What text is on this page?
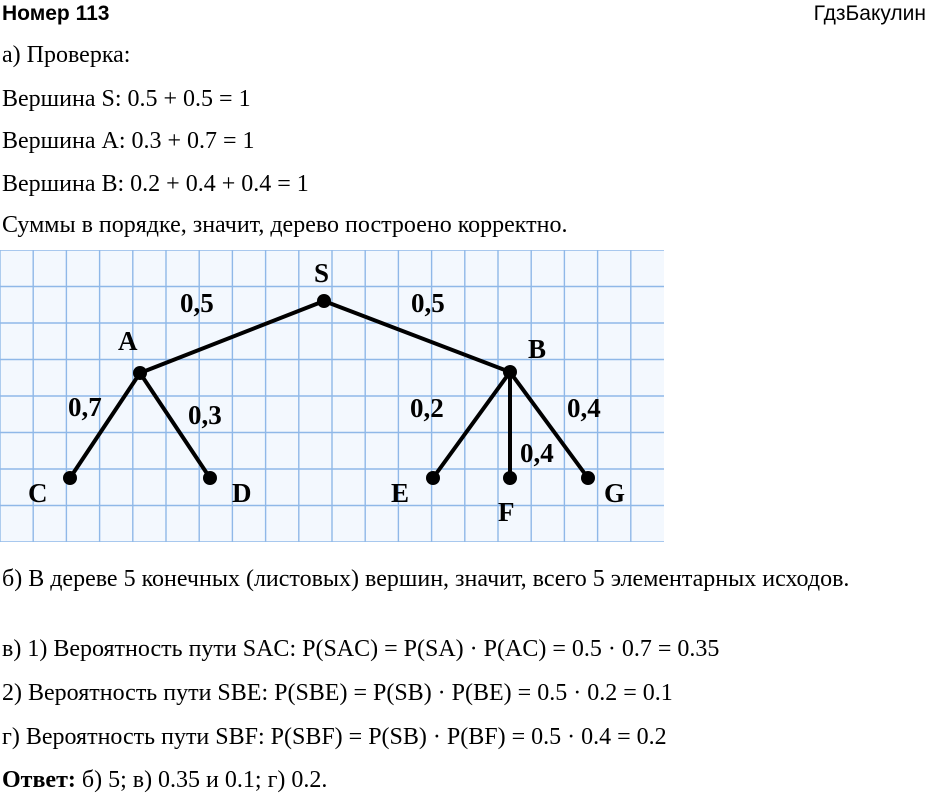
Номер 113	ГдзБакулин
а) Проверка:
Вершина S: 0.5 + 0.5 = 1
Вершина A: 0.3 + 0.7 = 1
Вершина B: 0.2 + 0.4 + 0.4 = 1
Суммы в порядке, значит, дерево построено корректно.
S
A	B
C	D	E
F
G
0,5	0,5
0,7	0,3	0,2
0,4
0,4
б) В дереве 5 конечных (листовых) вершин, значит, всего 5 элементарных исходов.
в) 1) Вероятность пути SAC: P(SAC) = P(SA) · P(AC) = 0.5 · 0.7 = 0.35
2) Вероятность пути SBE: P(SBE) = P(SB) · P(BE) = 0.5 · 0.2 = 0.1
г) Вероятность пути SBF: P(SBF) = P(SB) · P(BF) = 0.5 · 0.4 = 0.2
Ответ: б) 5; в) 0.35 и 0.1; г) 0.2.
